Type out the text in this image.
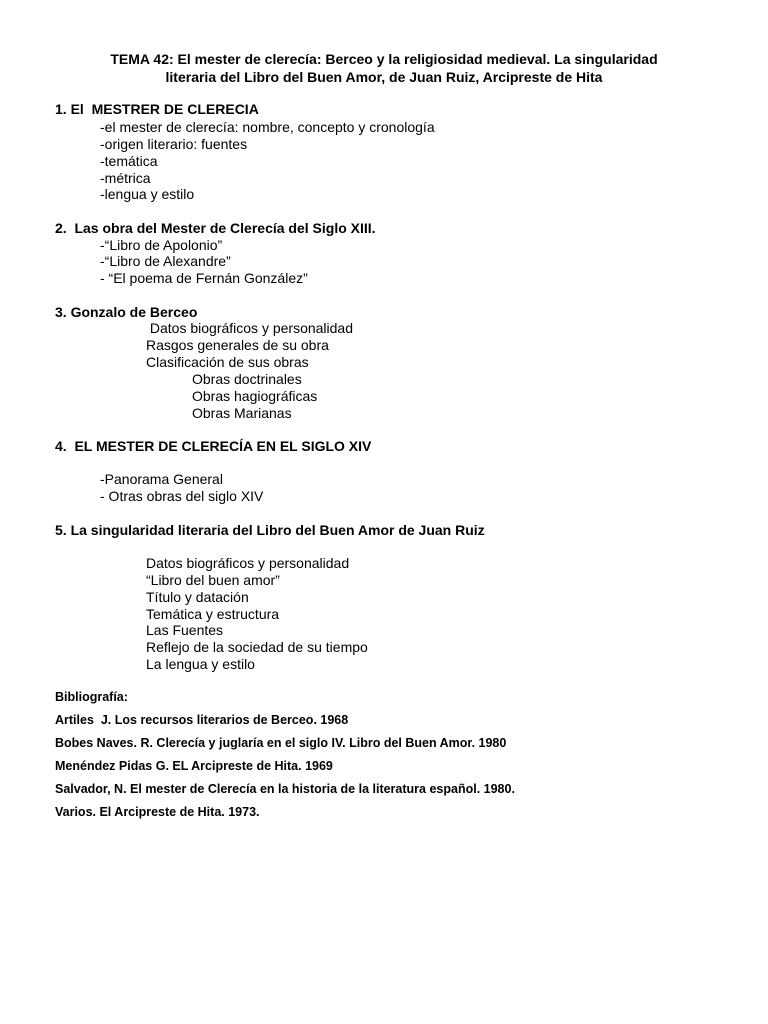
TEMA 42: El mester de clerecía: Berceo y la religiosidad medieval. La singularidad
literaria del Libro del Buen Amor, de Juan Ruiz, Arcipreste de Hita
1. El  MESTRER DE CLERECIA
-el mester de clerecía: nombre, concepto y cronología
-origen literario: fuentes
-temática
-métrica
-lengua y estilo
2.  Las obra del Mester de Clerecía del Siglo XIII.
-“Libro de Apolonio”
-“Libro de Alexandre”
- “El poema de Fernán González”
3. Gonzalo de Berceo
Datos biográficos y personalidad
Rasgos generales de su obra
Clasificación de sus obras
Obras doctrinales
Obras hagiográficas
Obras Marianas
4.  EL MESTER DE CLERECÍA EN EL SIGLO XIV
-Panorama General
- Otras obras del siglo XIV
5. La singularidad literaria del Libro del Buen Amor de Juan Ruiz
Datos biográficos y personalidad
“Libro del buen amor”
Título y datación
Temática y estructura
Las Fuentes
Reflejo de la sociedad de su tiempo
La lengua y estilo
Bibliografía:
Artiles  J. Los recursos literarios de Berceo. 1968
Bobes Naves. R. Clerecía y juglaría en el siglo IV. Libro del Buen Amor. 1980
Menéndez Pidas G. EL Arcipreste de Hita. 1969
Salvador, N. El mester de Clerecía en la historia de la literatura español. 1980.
Varios. El Arcipreste de Hita. 1973.
